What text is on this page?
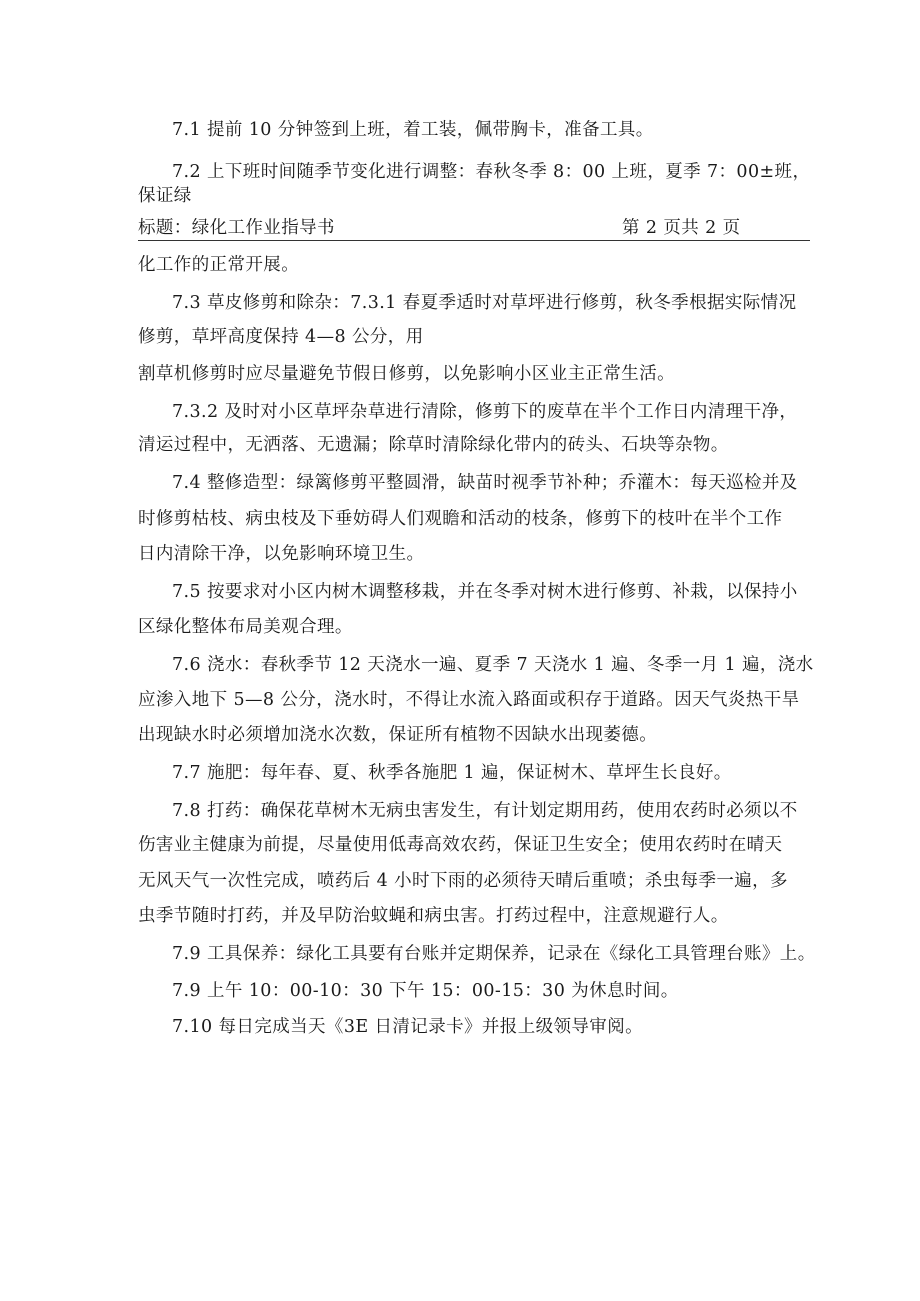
7.1 提前 10 分钟签到上班，着工装，佩带胸卡，准备工具。
7.2 上下班时间随季节变化进行调整：春秋冬季 8：00 上班，夏季 7：00±班，
保证绿
标题：绿化工作业指导书	第 2 页共 2 页
化工作的正常开展。
7.3 草皮修剪和除杂：7.3.1 春夏季适时对草坪进行修剪，秋冬季根据实际情况
修剪，草坪高度保持 4—8 公分，用
割草机修剪时应尽量避免节假日修剪，以免影响小区业主正常生活。
7.3.2 及时对小区草坪杂草进行清除，修剪下的废草在半个工作日内清理干净，
清运过程中，无洒落、无遗漏；除草时清除绿化带内的砖头、石块等杂物。
7.4 整修造型：绿篱修剪平整圆滑，缺苗时视季节补种；乔灌木：每天巡检并及
时修剪枯枝、病虫枝及下垂妨碍人们观瞻和活动的枝条，修剪下的枝叶在半个工作
日内清除干净，以免影响环境卫生。
7.5 按要求对小区内树木调整移栽，并在冬季对树木进行修剪、补栽，以保持小
区绿化整体布局美观合理。
7.6 浇水：春秋季节 12 天浇水一遍、夏季 7 天浇水 1 遍、冬季一月 1 遍，浇水
应渗入地下 5—8 公分，浇水时，不得让水流入路面或积存于道路。因天气炎热干旱
出现缺水时必须增加浇水次数，保证所有植物不因缺水出现萎德。
7.7 施肥：每年春、夏、秋季各施肥 1 遍，保证树木、草坪生长良好。
7.8 打药：确保花草树木无病虫害发生，有计划定期用药，使用农药时必须以不
伤害业主健康为前提，尽量使用低毒高效农药，保证卫生安全；使用农药时在晴天
无风天气一次性完成，喷药后 4 小时下雨的必须待天晴后重喷；杀虫每季一遍，多
虫季节随时打药，并及早防治蚊蝇和病虫害。打药过程中，注意规避行人。
7.9 工具保养：绿化工具要有台账并定期保养，记录在《绿化工具管理台账》上。
7.9 上午 10：00-10：30 下午 15：00-15：30 为休息时间。
7.10 每日完成当天《3E 日清记录卡》并报上级领导审阅。
